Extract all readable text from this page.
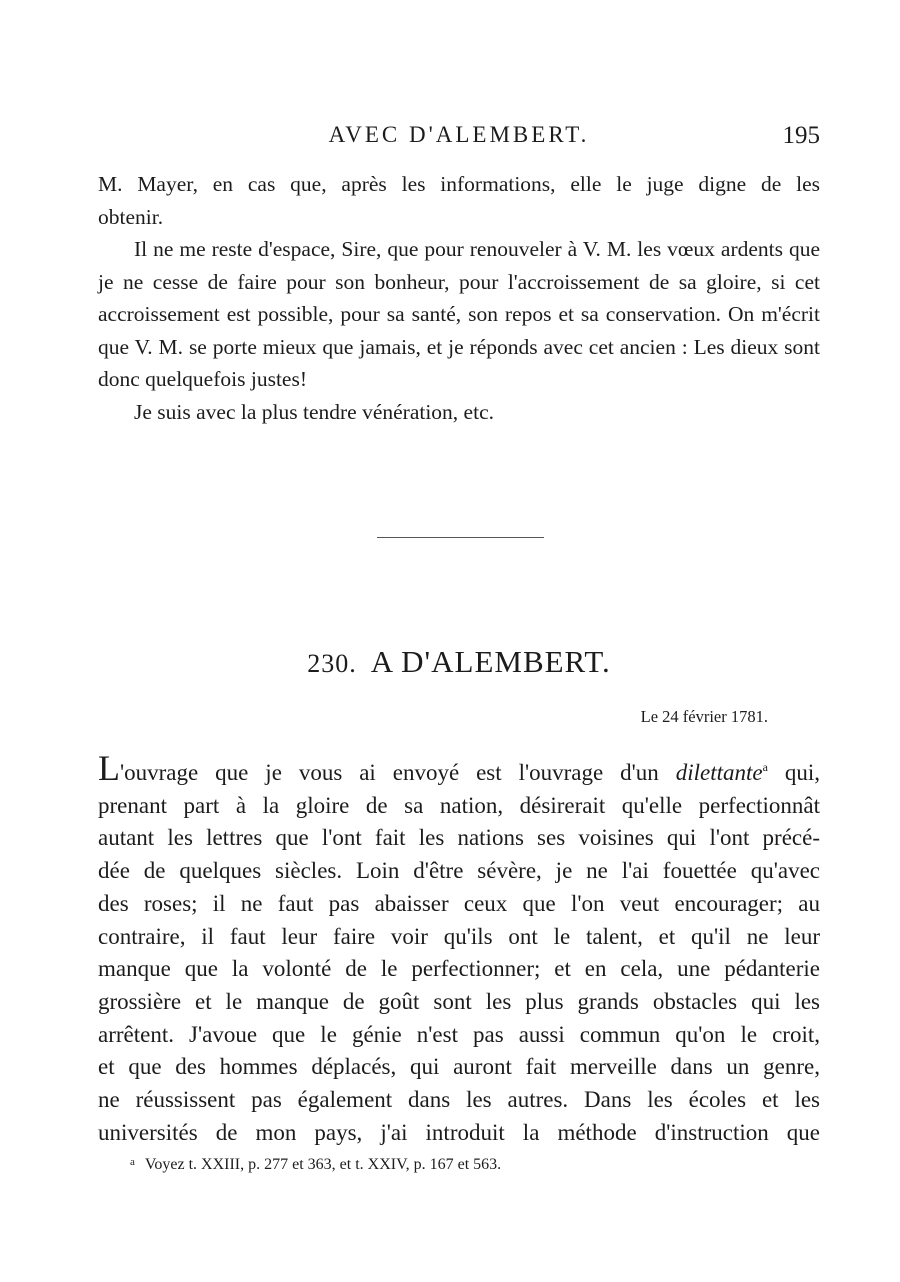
AVEC D'ALEMBERT.	195

M. Mayer, en cas que, après les informations, elle le juge digne de les

obtenir.

Il ne me reste d'espace, Sire, que pour renouveler à V. M. les vœux ardents que je ne cesse de faire pour son bonheur, pour l'accroissement de sa gloire, si cet accroissement est possible, pour sa santé, son repos et sa conservation. On m'écrit que V. M. se porte mieux que jamais, et je réponds avec cet ancien : Les dieux sont donc quelquefois justes!

Je suis avec la plus tendre vénération, etc.

230. A D'ALEMBERT.
Le 24 février 1781.

L'ouvrage que je vous ai envoyé est l'ouvrage d'un dilettante$^a$ qui,

prenant part à la gloire de sa nation, désirerait qu'elle perfectionnât

autant les lettres que l'ont fait les nations ses voisines qui l'ont précé-

dée de quelques siècles. Loin d'être sévère, je ne l'ai fouettée qu'avec

des roses; il ne faut pas abaisser ceux que l'on veut encourager; au

contraire, il faut leur faire voir qu'ils ont le talent, et qu'il ne leur

manque que la volonté de le perfectionner; et en cela, une pédanterie

grossière et le manque de goût sont les plus grands obstacles qui les

arrêtent. J'avoue que le génie n'est pas aussi commun qu'on le croit,

et que des hommes déplacés, qui auront fait merveille dans un genre,

ne réussissent pas également dans les autres. Dans les écoles et les

universités de mon pays, j'ai introduit la méthode d'instruction que

$^a$ Voyez t. XXIII, p. 277 et 363, et t. XXIV, p. 167 et 563.
